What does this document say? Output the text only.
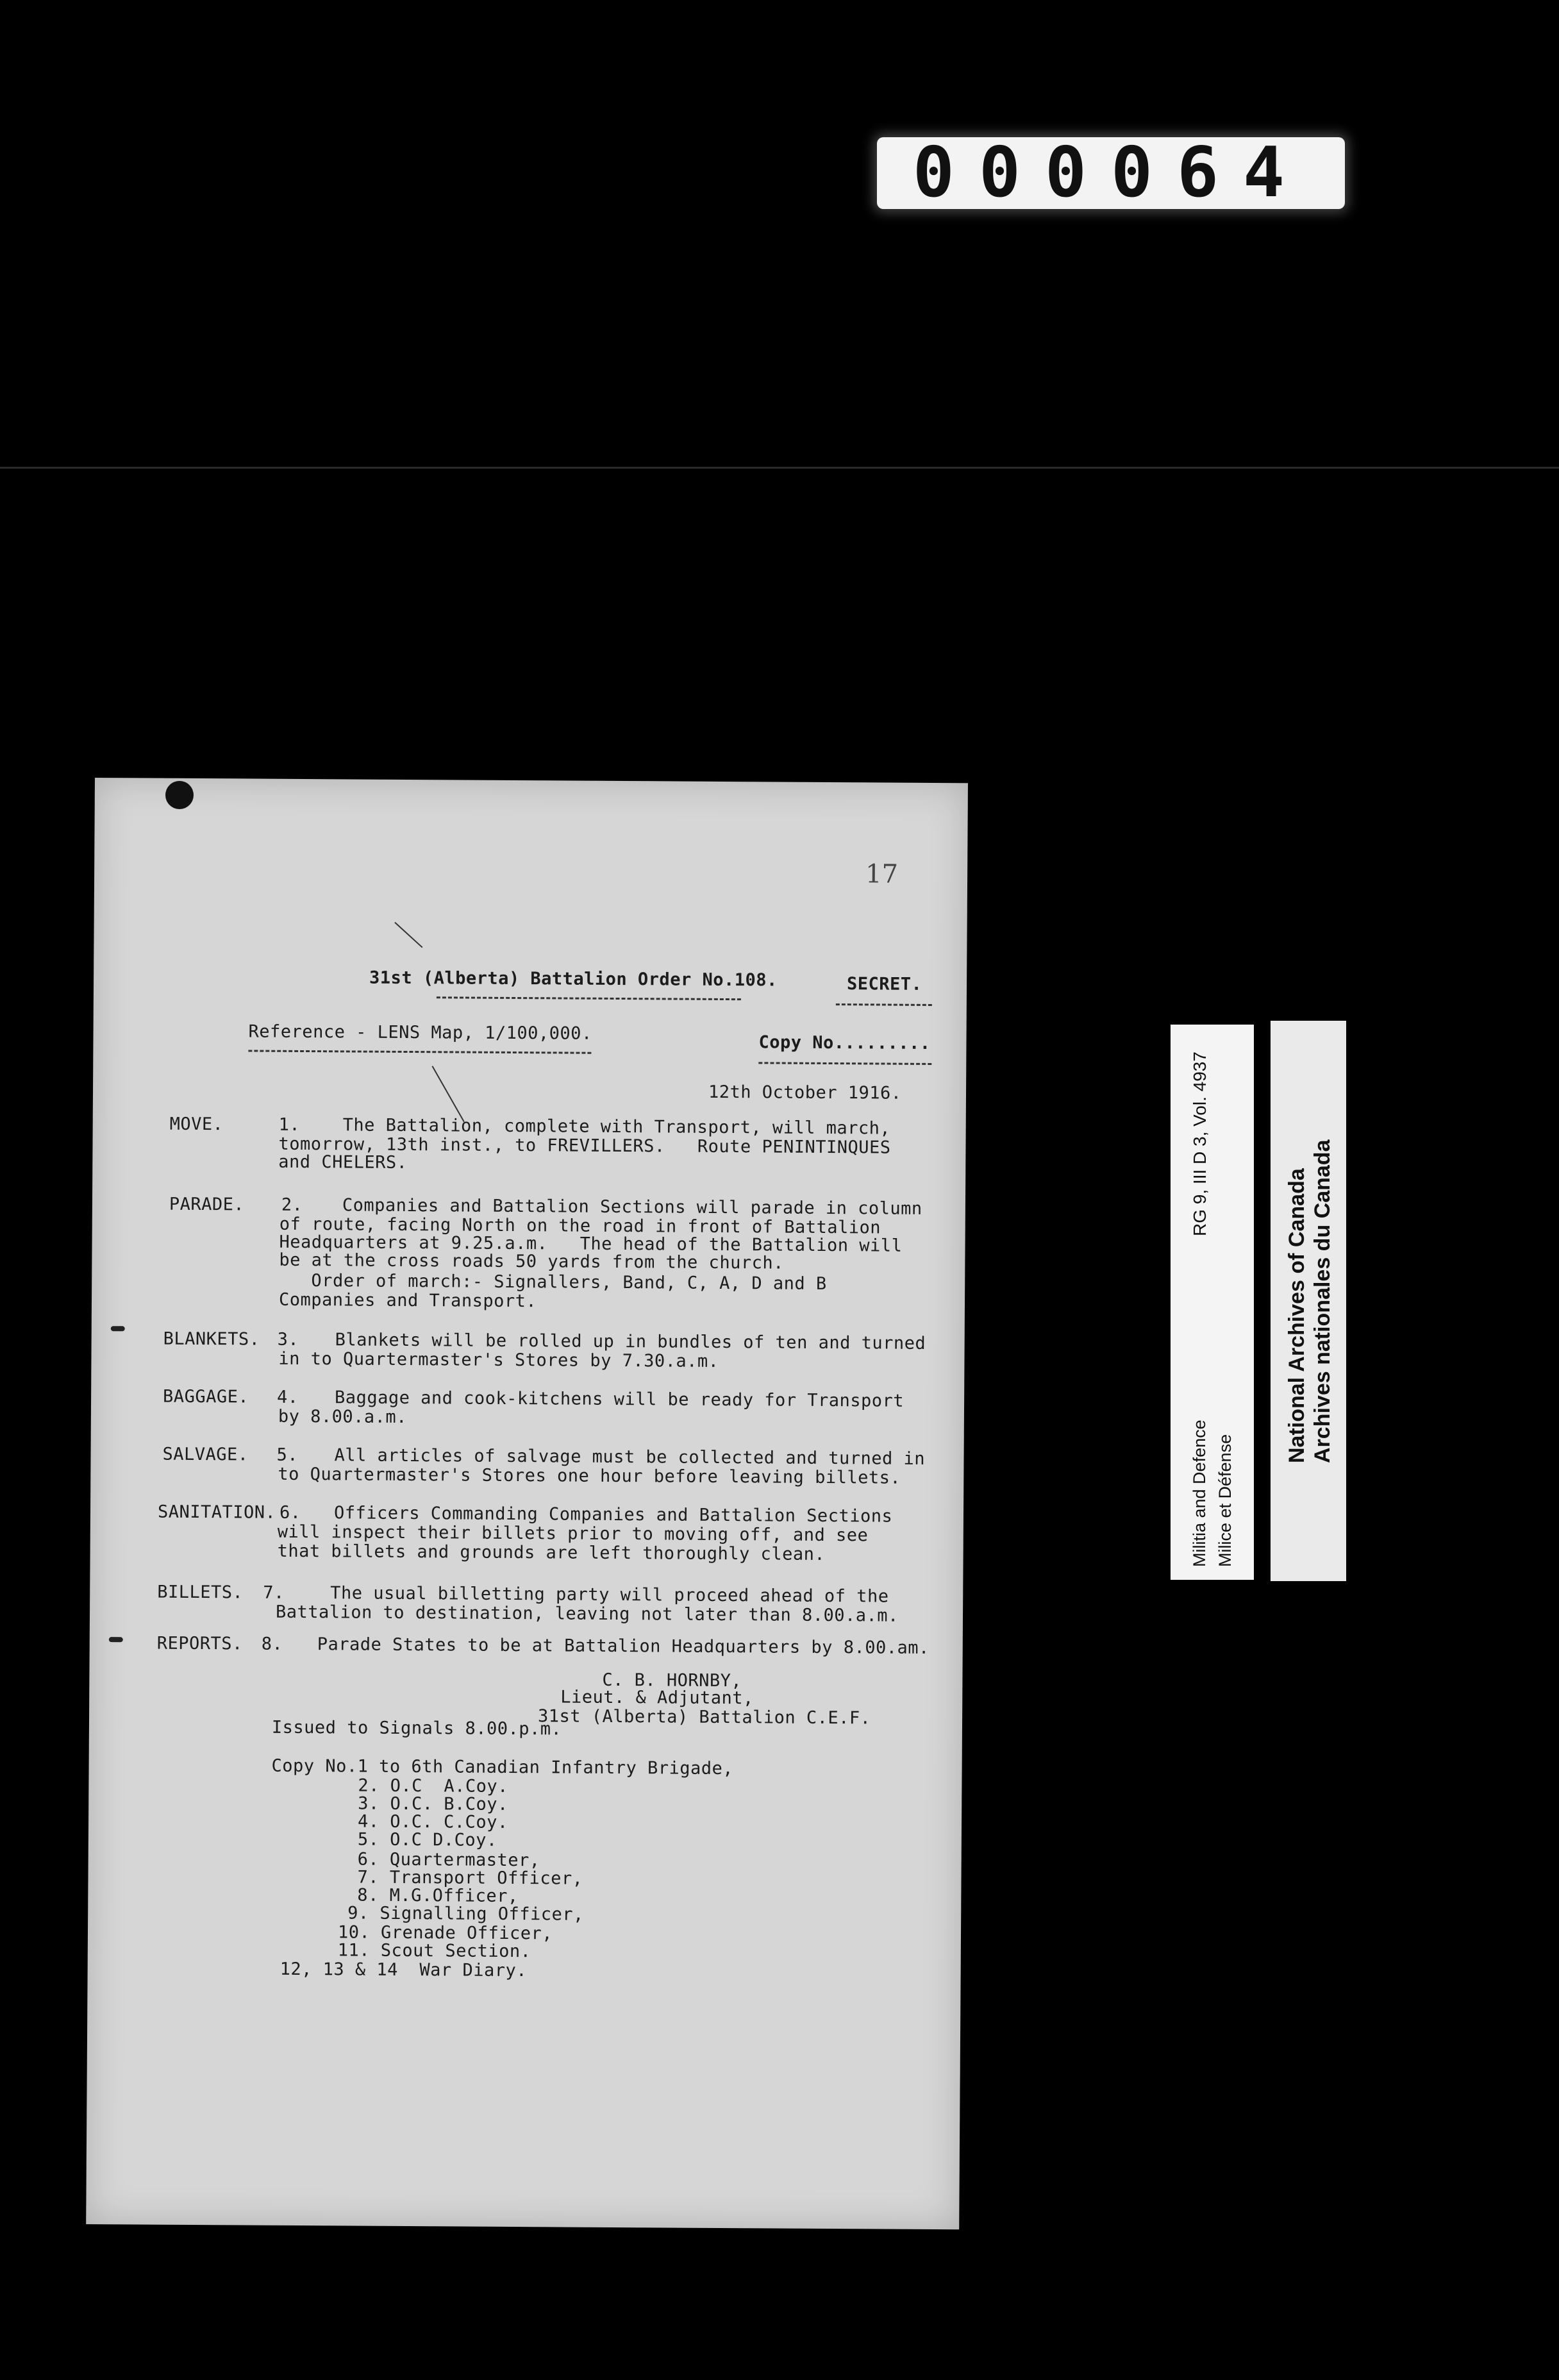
000064
RG 9, III D 3, Vol. 4937
Militia and Defence Milice et Défense
National Archives of Canada Archives nationales du Canada
17
31st (Alberta) Battalion Order No.108.	SECRET.
Reference - LENS Map, 1/100,000.	Copy No.........
12th October 1916.
MOVE.	1. The Battalion, complete with Transport, will march,
tomorrow, 13th inst., to FREVILLERS.   Route PENINTINQUES
and CHELERS.
PARADE. 2. Companies and Battalion Sections will parade in column
of route, facing North on the road in front of Battalion
Headquarters at 9.25.a.m.   The head of the Battalion will
be at the cross roads 50 yards from the church.
Order of march:- Signallers, Band, C, A, D and B
Companies and Transport.
BLANKETS. 3. Blankets will be rolled up in bundles of ten and turned
in to Quartermaster's Stores by 7.30.a.m.
BAGGAGE. 4. Baggage and cook-kitchens will be ready for Transport
by 8.00.a.m.
SALVAGE. 5. All articles of salvage must be collected and turned in
to Quartermaster's Stores one hour before leaving billets.
SANITATION. 6. Officers Commanding Companies and Battalion Sections
will inspect their billets prior to moving off, and see
that billets and grounds are left thoroughly clean.
BILLETS. 7.	The usual billetting party will proceed ahead of the
Battalion to destination, leaving not later than 8.00.a.m.
REPORTS. 8. Parade States to be at Battalion Headquarters by 8.00.am.
C. B. HORNBY,
Lieut. & Adjutant,
31st (Alberta) Battalion C.E.F.
Issued to Signals 8.00.p.m.
Copy No.1 to 6th Canadian Infantry Brigade,
2. O.C  A.Coy.
3. O.C. B.Coy.
4. O.C. C.Coy.
5. O.C D.Coy.
6. Quartermaster,
7. Transport Officer,
8. M.G.Officer,
9. Signalling Officer,
10. Grenade Officer,
11. Scout Section.
12, 13 & 14  War Diary.
